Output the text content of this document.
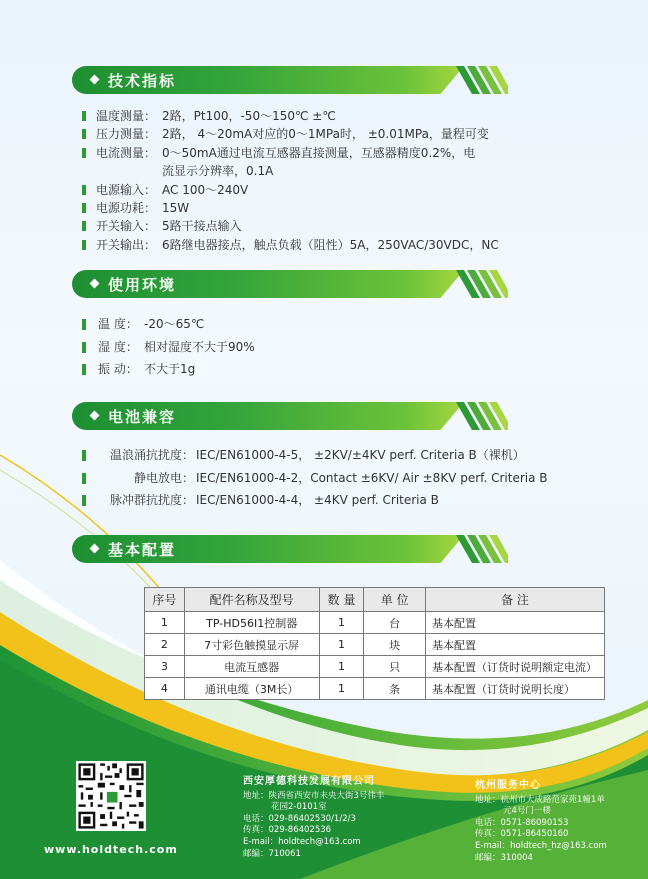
技术指标
温度测量： 2路，Pt100，-50～150℃ ±℃
压力测量： 2路， 4～20mA对应的0～1MPa时， ±0.01MPa，量程可变
电流测量： 0～50mA通过电流互感器直接测量，互感器精度0.2%，电
流显示分辨率，0.1A
电源输入： AC 100～240V
电源功耗： 15W
开关输入： 5路干接点输入
开关输出： 6路继电器接点，触点负载（阻性）5A，250VAC/30VDC，NC
使用环境
温 度： -20～65℃
湿 度： 相对湿度不大于90%
振 动： 不大于1g
电池兼容
温浪涌抗扰度： IEC/EN61000-4-5， ±2KV/±4KV perf. Criteria B（裸机）
静电放电： IEC/EN61000-4-2，Contact ±6KV/ Air ±8KV perf. Criteria B
脉冲群抗扰度： IEC/EN61000-4-4， ±4KV perf. Criteria B
基本配置
序号	配件名称及型号	数 量	单 位	备 注
1	TP-HD56I1控制器	1	台	基本配置
2	7寸彩色触摸显示屏	1	块	基本配置
3	电流互感器	1	只	基本配置（订货时说明额定电流）
4	通讯电缆（3M长）	1	条	基本配置（订货时说明长度）
www.holdtech.com
西安厚德科技发展有限公司
地址：陕西省西安市未央大街3号伟丰
花园2-0101室
电话：029-86402530/1/2/3
传真：029-86402536
E-mail：holdtech@163.com
邮编：710061
杭州服务中心
地址：杭州市大成路范家苑1幢1单
元4号门一楼
电话：0571-86090153
传真：0571-86450160
E-mail：holdtech_hz@163.com
邮编：310004
